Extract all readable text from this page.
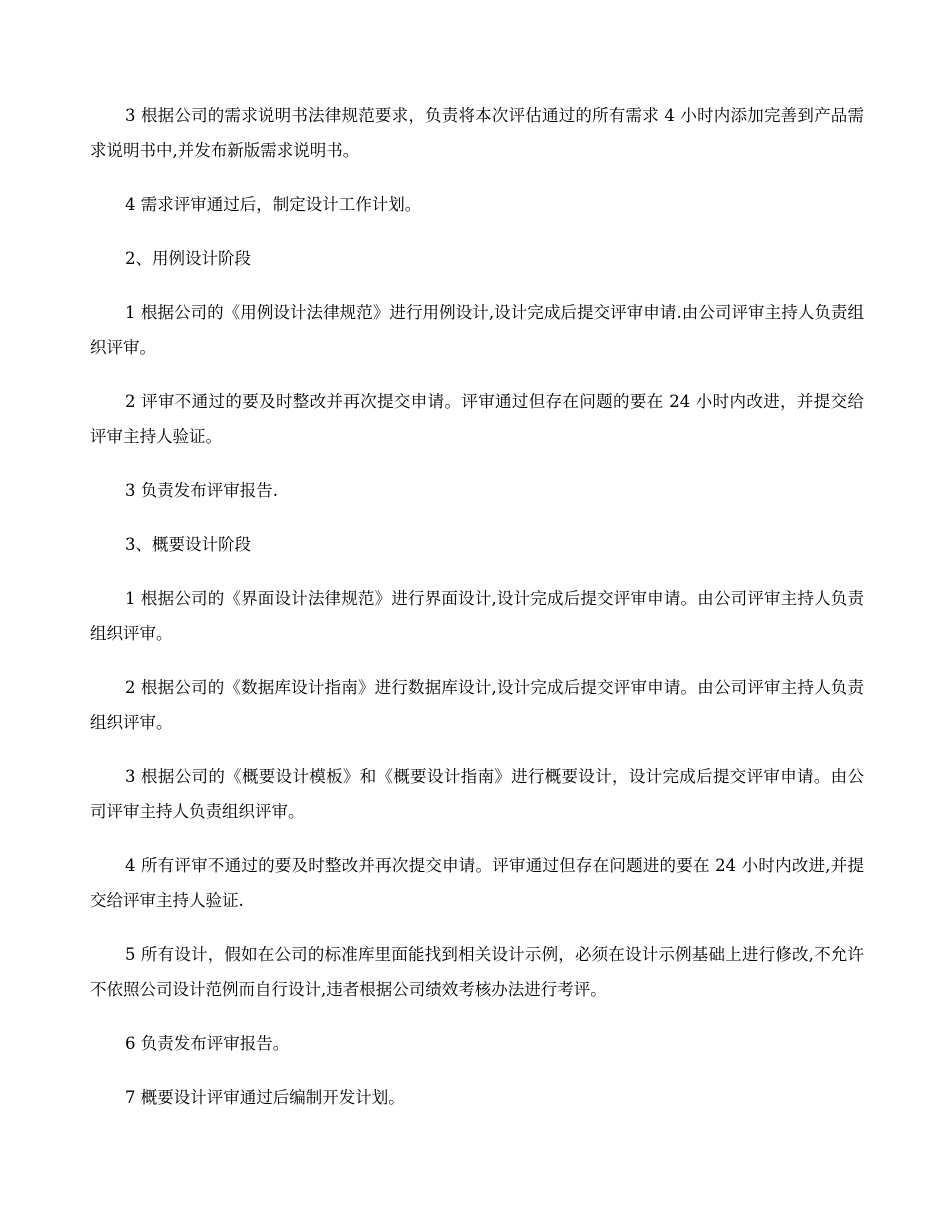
3 根据公司的需求说明书法律规范要求，负责将本次评估通过的所有需求 4 小时内添加完善到产品需求说明书中,并发布新版需求说明书。

4 需求评审通过后，制定设计工作计划。

2、用例设计阶段

1 根据公司的《用例设计法律规范》进行用例设计,设计完成后提交评审申请.由公司评审主持人负责组织评审。

2 评审不通过的要及时整改并再次提交申请。评审通过但存在问题的要在 24 小时内改进，并提交给评审主持人验证。

3 负责发布评审报告.

3、概要设计阶段

1 根据公司的《界面设计法律规范》进行界面设计,设计完成后提交评审申请。由公司评审主持人负责组织评审。

2 根据公司的《数据库设计指南》进行数据库设计,设计完成后提交评审申请。由公司评审主持人负责组织评审。

3 根据公司的《概要设计模板》和《概要设计指南》进行概要设计，设计完成后提交评审申请。由公司评审主持人负责组织评审。

4 所有评审不通过的要及时整改并再次提交申请。评审通过但存在问题进的要在 24 小时内改进,并提交给评审主持人验证.

5 所有设计，假如在公司的标准库里面能找到相关设计示例，必须在设计示例基础上进行修改,不允许不依照公司设计范例而自行设计,违者根据公司绩效考核办法进行考评。

6 负责发布评审报告。

7 概要设计评审通过后编制开发计划。
